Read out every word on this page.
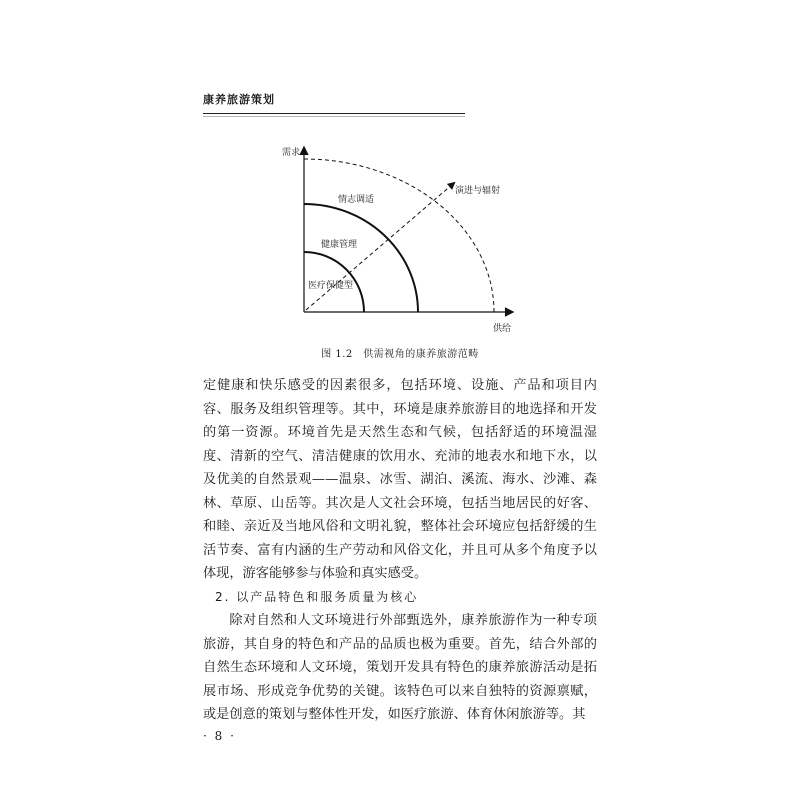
康养旅游策划
需求
供给
演进与辐射
情志调适
健康管理
医疗保健型
图 1.2　供需视角的康养旅游范畴

定健康和快乐感受的因素很多，包括环境、设施、产品和项目内容、服务及组织管理等。其中，环境是康养旅游目的地选择和开发的第一资源。环境首先是天然生态和气候，包括舒适的环境温湿度、清新的空气、清洁健康的饮用水、充沛的地表水和地下水，以及优美的自然景观——温泉、冰雪、湖泊、溪流、海水、沙滩、森林、草原、山岳等。其次是人文社会环境，包括当地居民的好客、和睦、亲近及当地风俗和文明礼貌，整体社会环境应包括舒缓的生活节奏、富有内涵的生产劳动和风俗文化，并且可从多个角度予以体现，游客能够参与体验和真实感受。

2. 以产品特色和服务质量为核心

除对自然和人文环境进行外部甄选外，康养旅游作为一种专项旅游，其自身的特色和产品的品质也极为重要。首先，结合外部的自然生态环境和人文环境，策划开发具有特色的康养旅游活动是拓展市场、形成竞争优势的关键。该特色可以来自独特的资源禀赋，或是创意的策划与整体性开发，如医疗旅游、体育休闲旅游等。其

· 8 ·
